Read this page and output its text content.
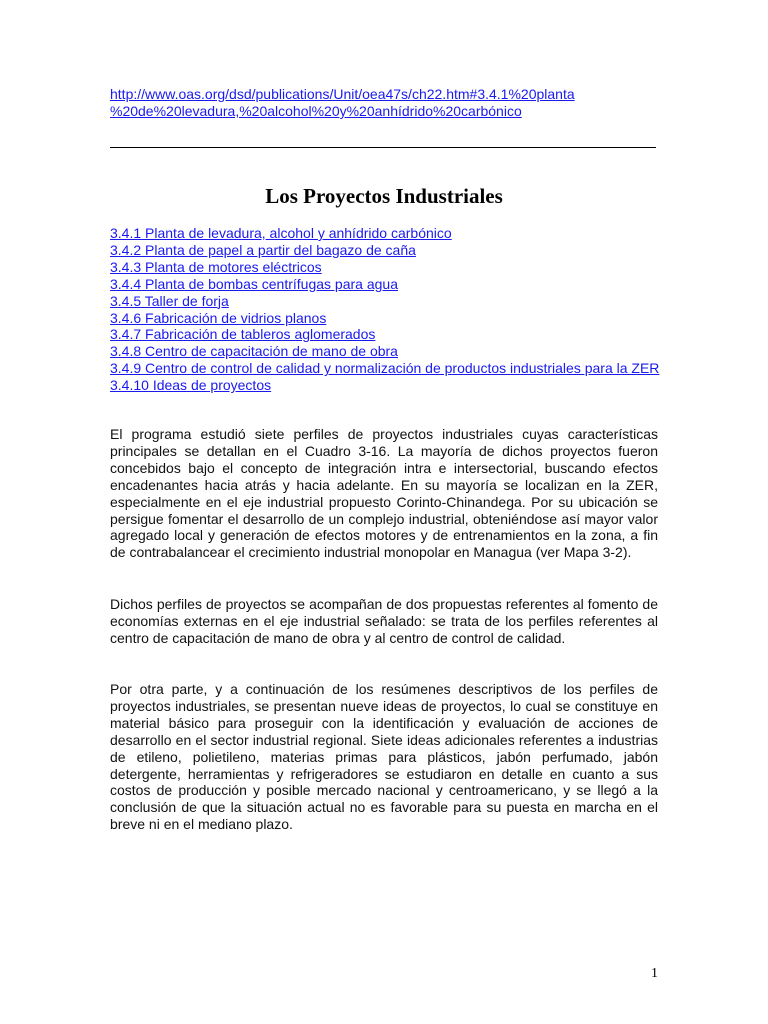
http://www.oas.org/dsd/publications/Unit/oea47s/ch22.htm#3.4.1%20planta
%20de%20levadura,%20alcohol%20y%20anhídrido%20carbónico
Los Proyectos Industriales
3.4.1 Planta de levadura, alcohol y anhídrido carbónico
3.4.2 Planta de papel a partir del bagazo de caña
3.4.3 Planta de motores eléctricos
3.4.4 Planta de bombas centrífugas para agua
3.4.5 Taller de forja
3.4.6 Fabricación de vidrios planos
3.4.7 Fabricación de tableros aglomerados
3.4.8 Centro de capacitación de mano de obra
3.4.9 Centro de control de calidad y normalización de productos industriales para la ZER
3.4.10 Ideas de proyectos

El programa estudió siete perfiles de proyectos industriales cuyas características principales se detallan en el Cuadro 3-16. La mayoría de dichos proyectos fueron concebidos bajo el concepto de integración intra e intersectorial, buscando efectos encadenantes hacia atrás y hacia adelante. En su mayoría se localizan en la ZER, especialmente en el eje industrial propuesto Corinto-Chinandega. Por su ubicación se persigue fomentar el desarrollo de un complejo industrial, obteniéndose así mayor valor agregado local y generación de efectos motores y de entrenamientos en la zona, a fin de contrabalancear el crecimiento industrial monopolar en Managua (ver Mapa 3-2).

Dichos perfiles de proyectos se acompañan de dos propuestas referentes al fomento de economías externas en el eje industrial señalado: se trata de los perfiles referentes al centro de capacitación de mano de obra y al centro de control de calidad.

Por otra parte, y a continuación de los resúmenes descriptivos de los perfiles de proyectos industriales, se presentan nueve ideas de proyectos, lo cual se constituye en material básico para proseguir con la identificación y evaluación de acciones de desarrollo en el sector industrial regional. Siete ideas adicionales referentes a industrias de etileno, polietileno, materias primas para plásticos, jabón perfumado, jabón detergente, herramientas y refrigeradores se estudiaron en detalle en cuanto a sus costos de producción y posible mercado nacional y centroamericano, y se llegó a la conclusión de que la situación actual no es favorable para su puesta en marcha en el breve ni en el mediano plazo.

1
